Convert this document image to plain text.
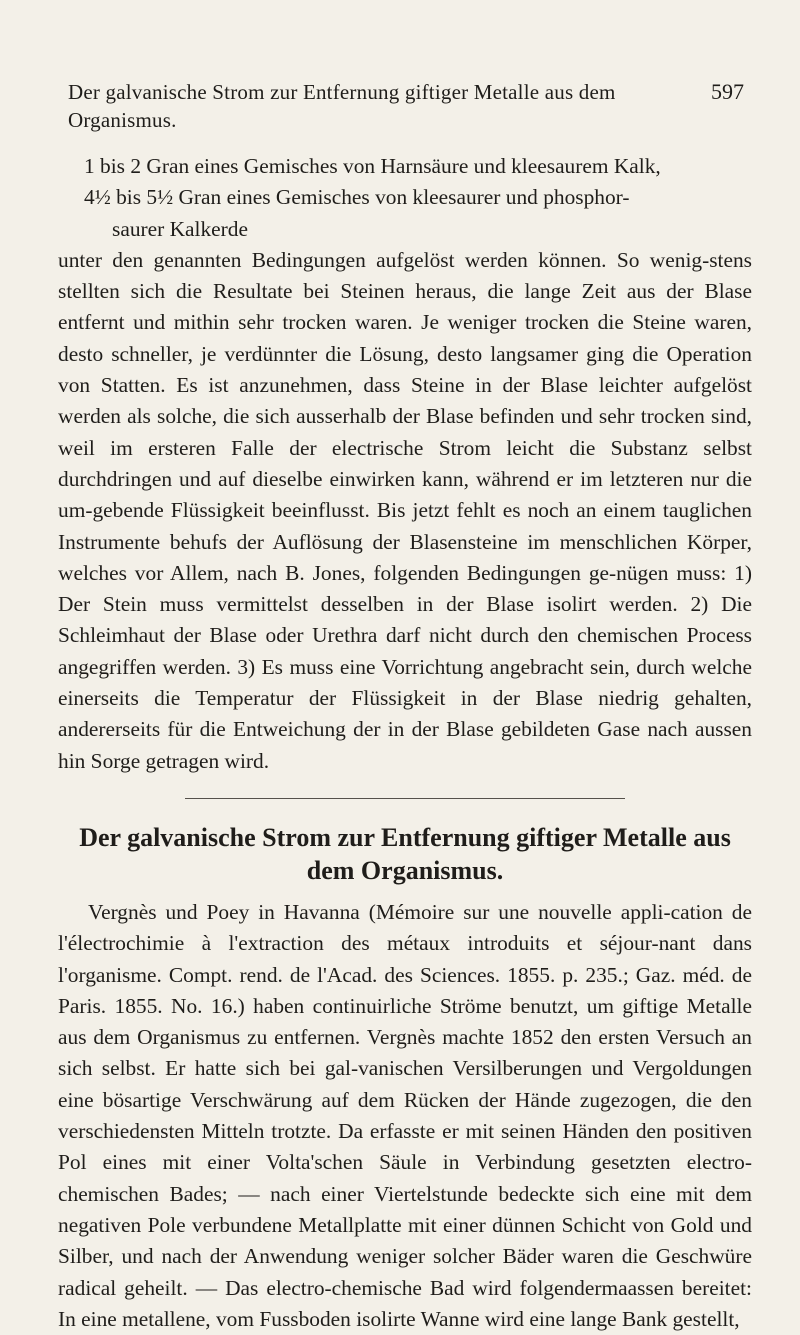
Der galvanische Strom zur Entfernung giftiger Metalle aus dem Organismus.
597

1 bis 2 Gran eines Gemisches von Harnsäure und kleesaurem Kalk,

4½ bis 5½ Gran eines Gemisches von kleesaurer und phosphor-

saurer Kalkerde

unter den genannten Bedingungen aufgelöst werden können. So wenig-stens stellten sich die Resultate bei Steinen heraus, die lange Zeit aus der Blase entfernt und mithin sehr trocken waren. Je weniger trocken die Steine waren, desto schneller, je verdünnter die Lösung, desto langsamer ging die Operation von Statten. Es ist anzunehmen, dass Steine in der Blase leichter aufgelöst werden als solche, die sich ausserhalb der Blase befinden und sehr trocken sind, weil im ersteren Falle der electrische Strom leicht die Substanz selbst durchdringen und auf dieselbe einwirken kann, während er im letzteren nur die um-gebende Flüssigkeit beeinflusst. Bis jetzt fehlt es noch an einem tauglichen Instrumente behufs der Auflösung der Blasensteine im menschlichen Körper, welches vor Allem, nach B. Jones, folgenden Bedingungen ge-nügen muss: 1) Der Stein muss vermittelst desselben in der Blase isolirt werden. 2) Die Schleimhaut der Blase oder Urethra darf nicht durch den chemischen Process angegriffen werden. 3) Es muss eine Vorrichtung angebracht sein, durch welche einerseits die Temperatur der Flüssigkeit in der Blase niedrig gehalten, andererseits für die Entweichung der in der Blase gebildeten Gase nach aussen hin Sorge getragen wird.

Der galvanische Strom zur Entfernung giftiger Metalle aus
dem Organismus.

Vergnès und Poey in Havanna (Mémoire sur une nouvelle appli-cation de l'électrochimie à l'extraction des métaux introduits et séjour-nant dans l'organisme. Compt. rend. de l'Acad. des Sciences. 1855. p. 235.; Gaz. méd. de Paris. 1855. No. 16.) haben continuirliche Ströme benutzt, um giftige Metalle aus dem Organismus zu entfernen. Vergnès machte 1852 den ersten Versuch an sich selbst. Er hatte sich bei gal-vanischen Versilberungen und Vergoldungen eine bösartige Verschwärung auf dem Rücken der Hände zugezogen, die den verschiedensten Mitteln trotzte. Da erfasste er mit seinen Händen den positiven Pol eines mit einer Volta'schen Säule in Verbindung gesetzten electro-chemischen Bades; — nach einer Viertelstunde bedeckte sich eine mit dem negativen Pole verbundene Metallplatte mit einer dünnen Schicht von Gold und Silber, und nach der Anwendung weniger solcher Bäder waren die Geschwüre radical geheilt. — Das electro-chemische Bad wird folgendermaassen bereitet: In eine metallene, vom Fussboden isolirte Wanne wird eine lange Bank gestellt,
